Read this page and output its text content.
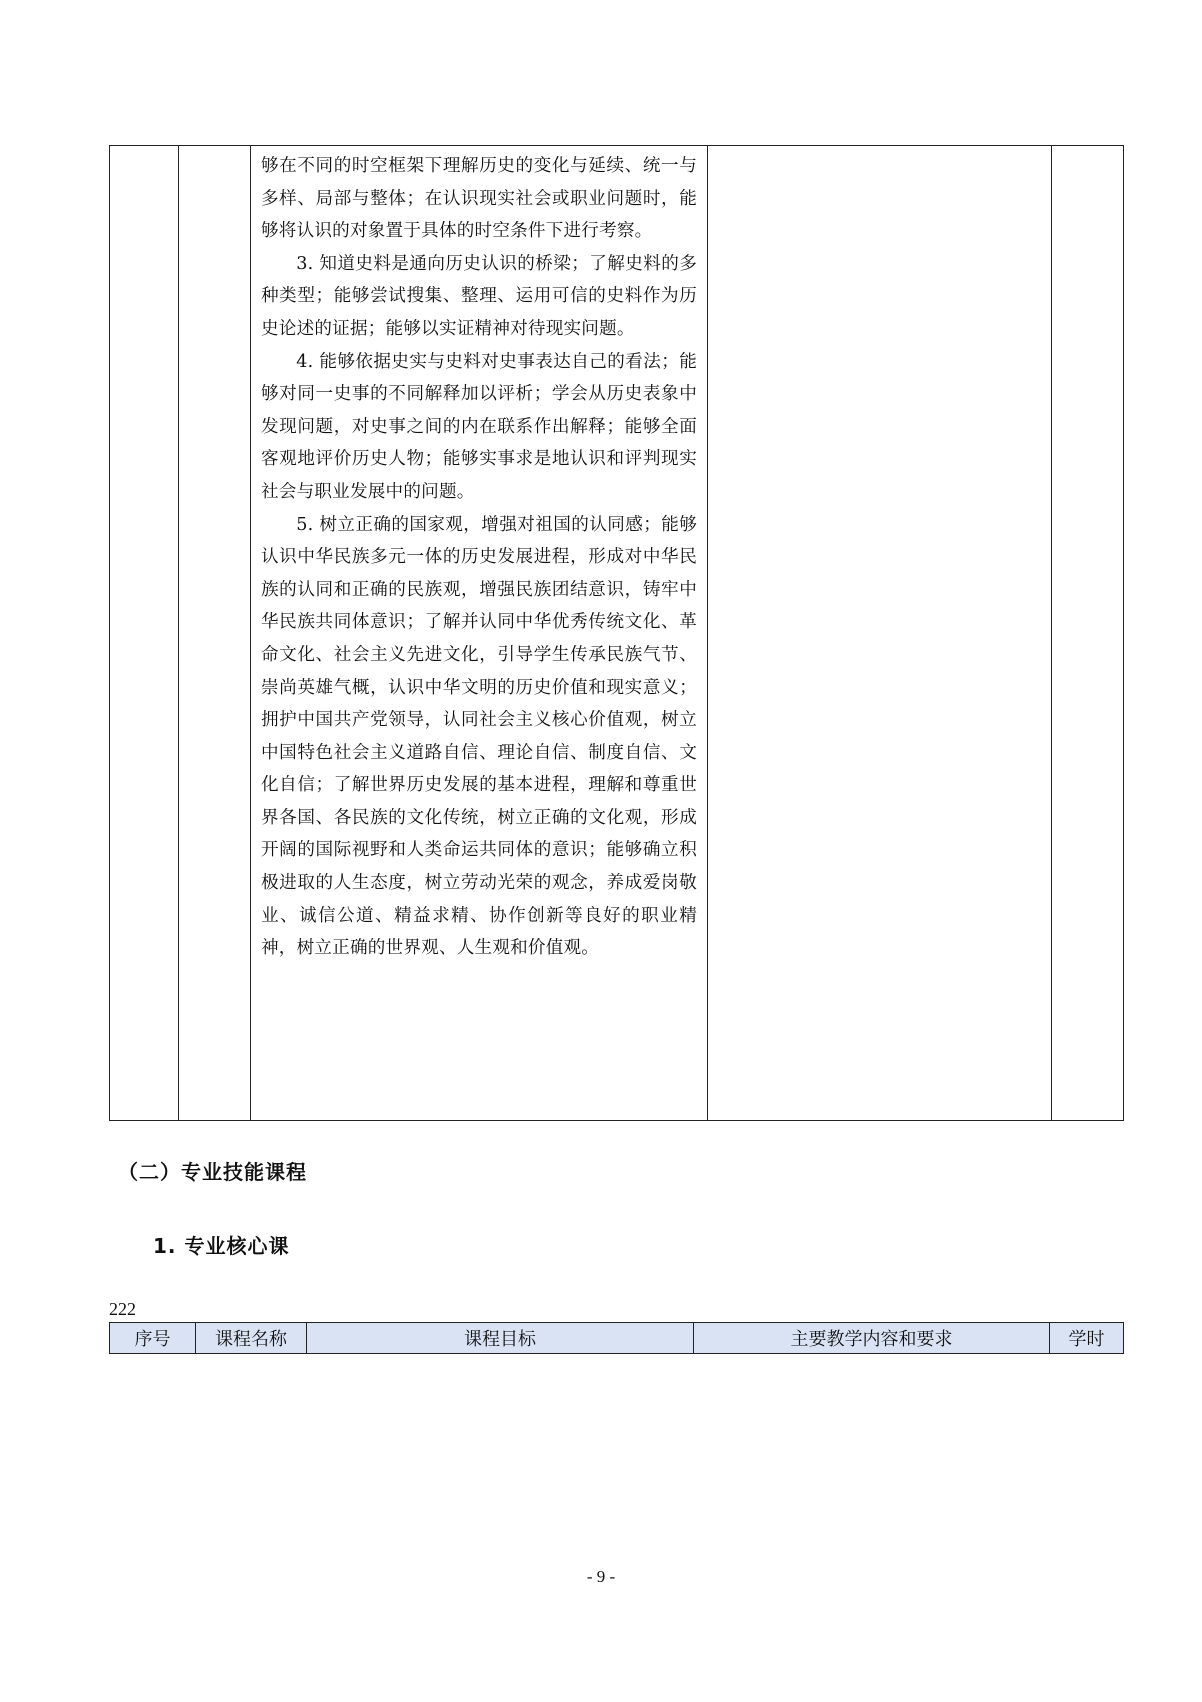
够在不同的时空框架下理解历史的变化与延续、统一与多样、局部与整体；在认识现实社会或职业问题时，能够将认识的对象置于具体的时空条件下进行考察。

3. 知道史料是通向历史认识的桥梁；了解史料的多种类型；能够尝试搜集、整理、运用可信的史料作为历史论述的证据；能够以实证精神对待现实问题。

4. 能够依据史实与史料对史事表达自己的看法；能够对同一史事的不同解释加以评析；学会从历史表象中发现问题，对史事之间的内在联系作出解释；能够全面客观地评价历史人物；能够实事求是地认识和评判现实社会与职业发展中的问题。

5. 树立正确的国家观，增强对祖国的认同感；能够认识中华民族多元一体的历史发展进程，形成对中华民族的认同和正确的民族观，增强民族团结意识，铸牢中华民族共同体意识；了解并认同中华优秀传统文化、革命文化、社会主义先进文化，引导学生传承民族气节、崇尚英雄气概，认识中华文明的历史价值和现实意义；拥护中国共产党领导，认同社会主义核心价值观，树立中国特色社会主义道路自信、理论自信、制度自信、文化自信；了解世界历史发展的基本进程，理解和尊重世界各国、各民族的文化传统，树立正确的文化观，形成开阔的国际视野和人类命运共同体的意识；能够确立积极进取的人生态度，树立劳动光荣的观念，养成爱岗敬业、诚信公道、精益求精、协作创新等良好的职业精神，树立正确的世界观、人生观和价值观。

（二）专业技能课程
1. 专业核心课
222
序号	课程名称	课程目标	主要教学内容和要求	学时
- 9 -
